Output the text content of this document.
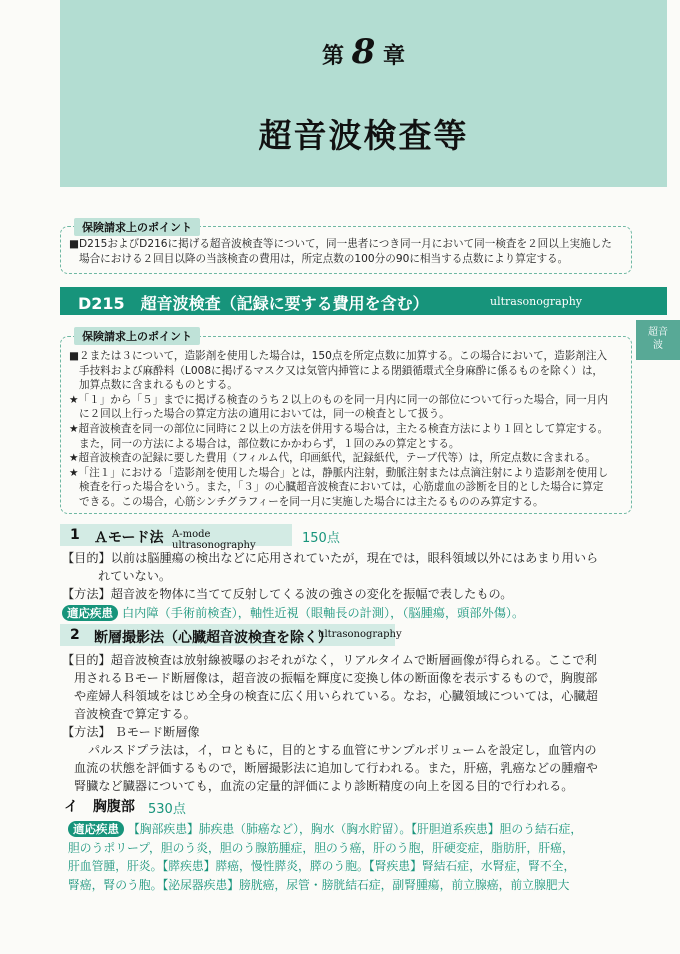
第 8 章
超音波検査等
超音
波

■D215およびD216に掲げる超音波検査等について，同一患者につき同一月において同一検査を２回以上実施した

場合における２回目以降の当該検査の費用は，所定点数の100分の90に相当する点数により算定する。

保険請求上のポイント
D215　超音波検査（記録に要する費用を含む）	ultrasonography

■２または３について，造影剤を使用した場合は，150点を所定点数に加算する。この場合において，造影剤注入

手技料および麻酔料（L008に掲げるマスク又は気管内挿管による閉鎖循環式全身麻酔に係るものを除く）は，

加算点数に含まれるものとする。

★「１」から「５」までに掲げる検査のうち２以上のものを同一月内に同一の部位について行った場合，同一月内

に２回以上行った場合の算定方法の適用においては，同一の検査として扱う。

★超音波検査を同一の部位に同時に２以上の方法を併用する場合は，主たる検査方法により１回として算定する。

また，同一の方法による場合は，部位数にかかわらず，１回のみの算定とする。

★超音波検査の記録に要した費用（フィルム代，印画紙代，記録紙代，テープ代等）は，所定点数に含まれる。

★「注１」における「造影剤を使用した場合」とは，静脈内注射，動脈注射または点滴注射により造影剤を使用し

検査を行った場合をいう。また，「３」の心臓超音波検査においては，心筋虚血の診断を目的とした場合に算定

できる。この場合，心筋シンチグラフィーを同一月に実施した場合には主たるもののみ算定する。

保険請求上のポイント
1 Ａモード法 A-mode ultrasonography	150点

【目的】以前は脳腫瘍の検出などに応用されていたが，現在では，眼科領域以外にはあまり用いら

れていない。

【方法】超音波を物体に当てて反射してくる波の強さの変化を振幅で表したもの。

適応疾患 白内障（手術前検査），軸性近視（眼軸長の計測），（脳腫瘍，頭部外傷）。

2 断層撮影法（心臓超音波検査を除く）
ultrasonography

【目的】超音波検査は放射線被曝のおそれがなく，リアルタイムで断層画像が得られる。ここで利

用されるＢモード断層像は，超音波の振幅を輝度に変換し体の断面像を表示するもので，胸腹部

や産婦人科領域をはじめ全身の検査に広く用いられている。なお，心臓領域については，心臓超

音波検査で算定する。

【方法】 Ｂモード断層像

パルスドプラ法は，イ，ロともに，目的とする血管にサンプルボリュームを設定し，血管内の

血流の状態を評価するもので，断層撮影法に追加して行われる。また，肝癌，乳癌などの腫瘤や

腎臓など臓器についても，血流の定量的評価により診断精度の向上を図る目的で行われる。

イ 胸腹部 530点

適応疾患 【胸部疾患】肺疾患（肺癌など），胸水（胸水貯留）。【肝胆道系疾患】胆のう結石症，

胆のうポリープ，胆のう炎，胆のう腺筋腫症，胆のう癌，肝のう胞，肝硬変症，脂肪肝，肝癌，

肝血管腫，肝炎。【膵疾患】膵癌，慢性膵炎，膵のう胞。【腎疾患】腎結石症，水腎症，腎不全，

腎癌，腎のう胞。【泌尿器疾患】膀胱癌，尿管・膀胱結石症，副腎腫瘍，前立腺癌，前立腺肥大
